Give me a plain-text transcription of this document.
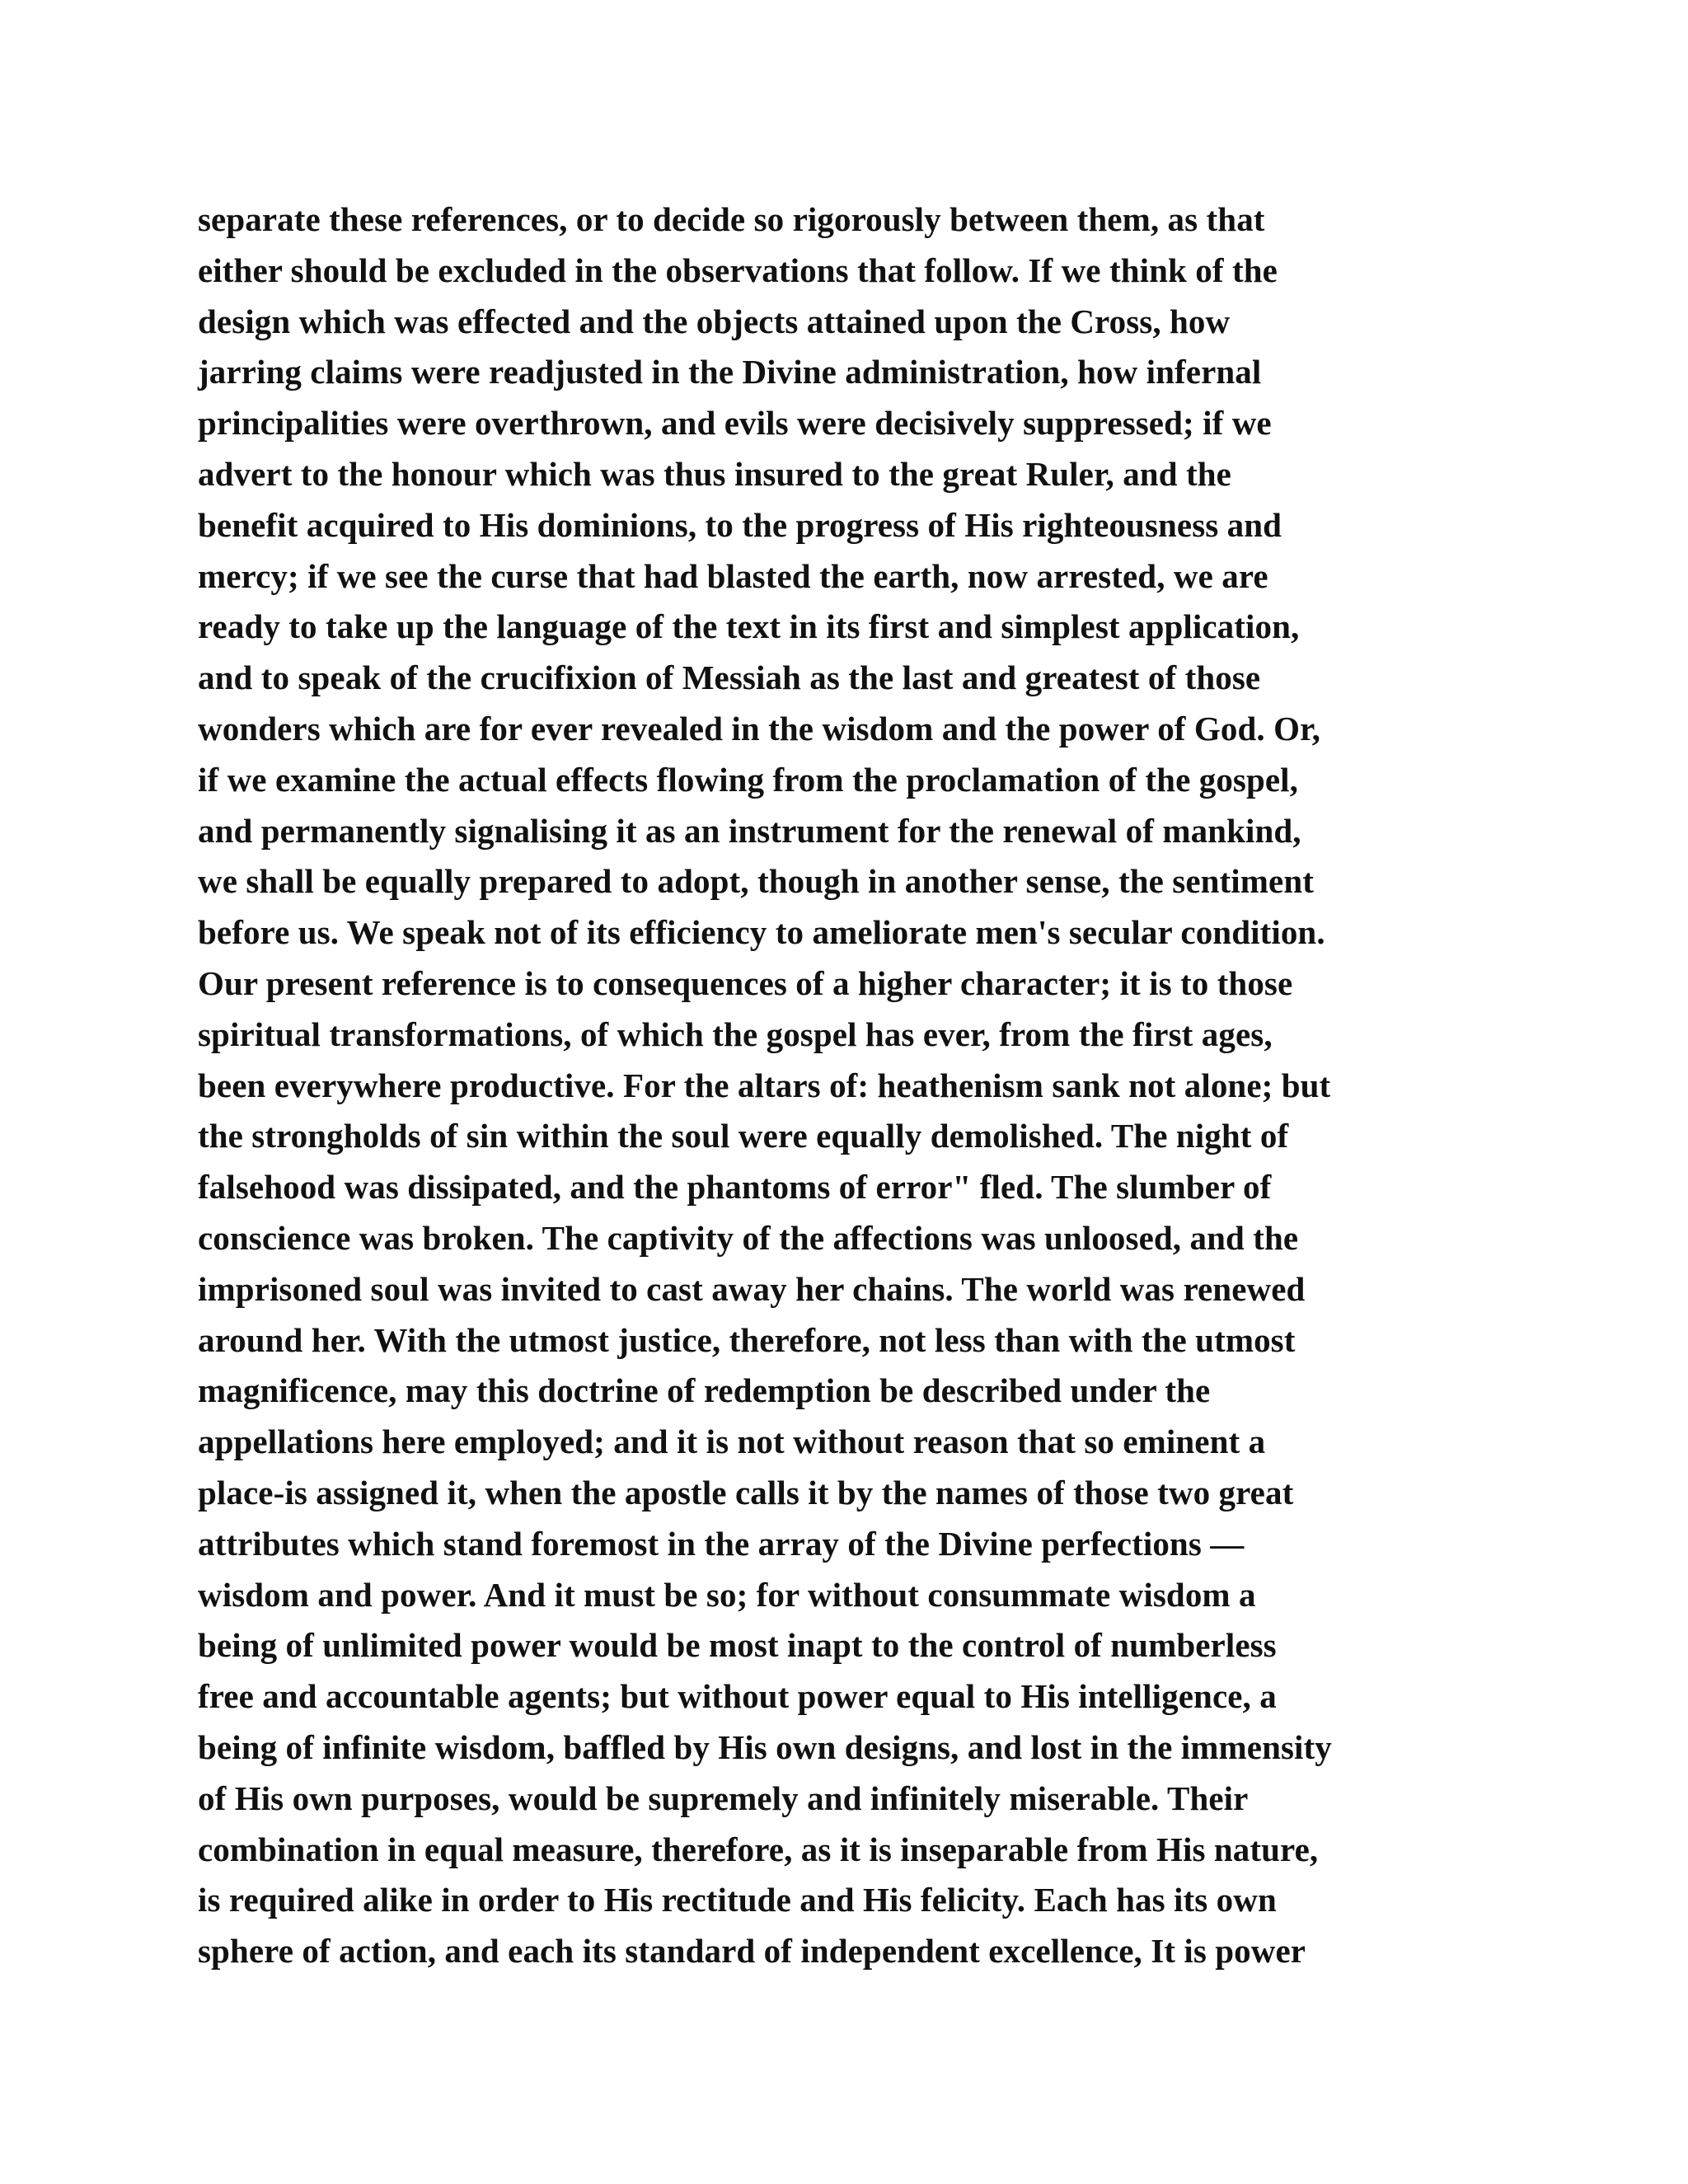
separate these references, or to decide so rigorously between them, as that
either should be excluded in the observations that follow. If we think of the
design which was effected and the objects attained upon the Cross, how
jarring claims were readjusted in the Divine administration, how infernal
principalities were overthrown, and evils were decisively suppressed; if we
advert to the honour which was thus insured to the great Ruler, and the
benefit acquired to His dominions, to the progress of His righteousness and
mercy; if we see the curse that had blasted the earth, now arrested, we are
ready to take up the language of the text in its first and simplest application,
and to speak of the crucifixion of Messiah as the last and greatest of those
wonders which are for ever revealed in the wisdom and the power of God. Or,
if we examine the actual effects flowing from the proclamation of the gospel,
and permanently signalising it as an instrument for the renewal of mankind,
we shall be equally prepared to adopt, though in another sense, the sentiment
before us. We speak not of its efficiency to ameliorate men's secular condition.
Our present reference is to consequences of a higher character; it is to those
spiritual transformations, of which the gospel has ever, from the first ages,
been everywhere productive. For the altars of: heathenism sank not alone; but
the strongholds of sin within the soul were equally demolished. The night of
falsehood was dissipated, and the phantoms of error" fled. The slumber of
conscience was broken. The captivity of the affections was unloosed, and the
imprisoned soul was invited to cast away her chains. The world was renewed
around her. With the utmost justice, therefore, not less than with the utmost
magnificence, may this doctrine of redemption be described under the
appellations here employed; and it is not without reason that so eminent a
place-is assigned it, when the apostle calls it by the names of those two great
attributes which stand foremost in the array of the Divine perfections —
wisdom and power. And it must be so; for without consummate wisdom a
being of unlimited power would be most inapt to the control of numberless
free and accountable agents; but without power equal to His intelligence, a
being of infinite wisdom, baffled by His own designs, and lost in the immensity
of His own purposes, would be supremely and infinitely miserable. Their
combination in equal measure, therefore, as it is inseparable from His nature,
is required alike in order to His rectitude and His felicity. Each has its own
sphere of action, and each its standard of independent excellence, It is power
